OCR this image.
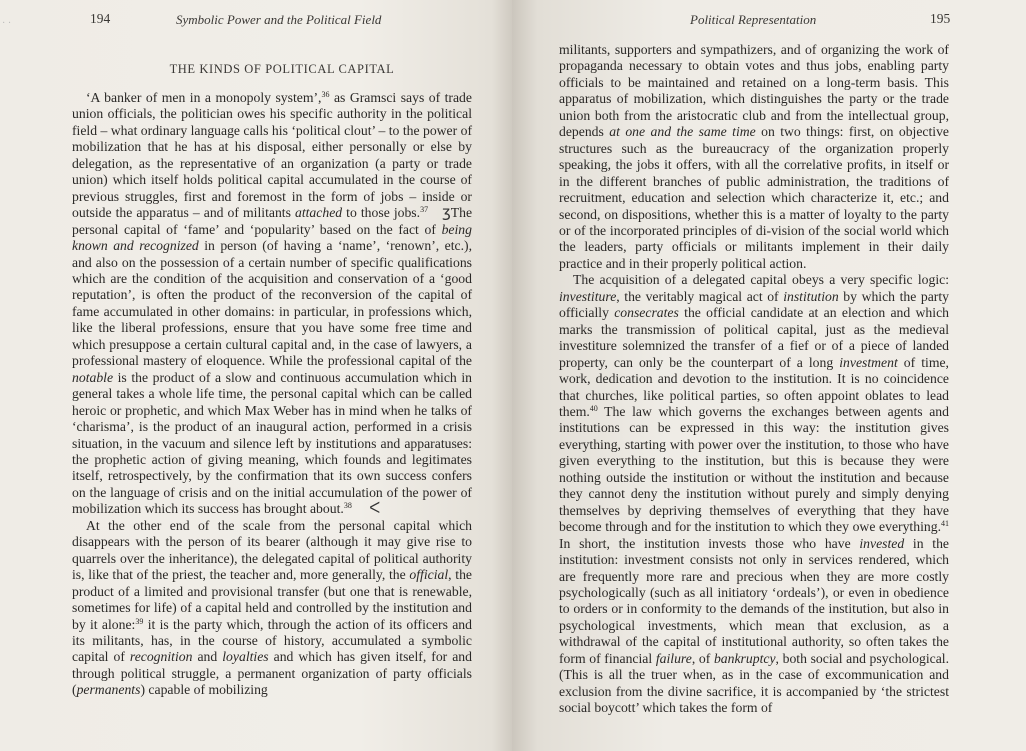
· ·	194	Symbolic Power and the Political Field
THE KINDS OF POLITICAL CAPITAL

‘A banker of men in a monopoly system’,$^{36}$ as Gramsci says of trade union officials, the politician owes his specific authority in the political field – what ordinary language calls his ‘political clout’ – to the power of mobilization that he has at his disposal, either personally or else by delegation, as the representative of an organization (a party or trade union) which itself holds political capital accumulated in the course of previous struggles, first and foremost in the form of jobs – inside or outside the apparatus – and of militants attached to those jobs.$^{37}$ ʒThe personal capital of ‘fame’ and ‘popularity’ based on the fact of being known and recognized in person (of having a ‘name’, ‘renown’, etc.), and also on the possession of a certain number of specific qualifications which are the condition of the acquisition and conservation of a ‘good reputation’, is often the product of the reconversion of the capital of fame accumulated in other domains: in particular, in professions which, like the liberal professions, ensure that you have some free time and which presuppose a certain cultural capital and, in the case of lawyers, a professional mastery of eloquence. While the professional capital of the notable is the product of a slow and continuous accumulation which in general takes a whole life time, the personal capital which can be called heroic or prophetic, and which Max Weber has in mind when he talks of ‘charisma’, is the product of an inaugural action, performed in a crisis situation, in the vacuum and silence left by institutions and apparatuses: the prophetic action of giving meaning, which founds and legitimates itself, retrospectively, by the confirmation that its own success confers on the language of crisis and on the initial accumulation of the power of mobilization which its success has brought about.$^{38}$ ᐸ

At the other end of the scale from the personal capital which disappears with the person of its bearer (although it may give rise to quarrels over the inheritance), the delegated capital of political authority is, like that of the priest, the teacher and, more generally, the official, the product of a limited and provisional transfer (but one that is renewable, sometimes for life) of a capital held and controlled by the institution and by it alone:$^{39}$ it is the party which, through the action of its officers and its militants, has, in the course of history, accumulated a symbolic capital of recognition and loyalties and which has given itself, for and through political struggle, a permanent organization of party officials (permanents) capable of mobilizing

Political Representation	195

militants, supporters and sympathizers, and of organizing the work of propaganda necessary to obtain votes and thus jobs, enabling party officials to be maintained and retained on a long-term basis. This apparatus of mobilization, which distinguishes the party or the trade union both from the aristocratic club and from the intellectual group, depends at one and the same time on two things: first, on objective structures such as the bureaucracy of the organization properly speaking, the jobs it offers, with all the correlative profits, in itself or in the different branches of public administration, the traditions of recruitment, education and selection which characterize it, etc.; and second, on dispositions, whether this is a matter of loyalty to the party or of the incorporated principles of di-vision of the social world which the leaders, party officials or militants implement in their daily practice and in their properly political action.

The acquisition of a delegated capital obeys a very specific logic: investiture, the veritably magical act of institution by which the party officially consecrates the official candidate at an election and which marks the transmission of political capital, just as the medieval investiture solemnized the transfer of a fief or of a piece of landed property, can only be the counterpart of a long investment of time, work, dedication and devotion to the institution. It is no coincidence that churches, like political parties, so often appoint oblates to lead them.$^{40}$ The law which governs the exchanges between agents and institutions can be expressed in this way: the institution gives everything, starting with power over the institution, to those who have given everything to the institution, but this is because they were nothing outside the institution or without the institution and because they cannot deny the institution without purely and simply denying themselves by depriving themselves of everything that they have become through and for the institution to which they owe everything.$^{41}$ In short, the institution invests those who have invested in the institution: investment consists not only in services rendered, which are frequently more rare and precious when they are more costly psychologically (such as all initiatory ‘ordeals’), or even in obedience to orders or in conformity to the demands of the institution, but also in psychological investments, which mean that exclusion, as a withdrawal of the capital of institutional authority, so often takes the form of financial failure, of bankruptcy, both social and psychological. (This is all the truer when, as in the case of excommunication and exclusion from the divine sacrifice, it is accompanied by ‘the strictest social boycott’ which takes the form of
